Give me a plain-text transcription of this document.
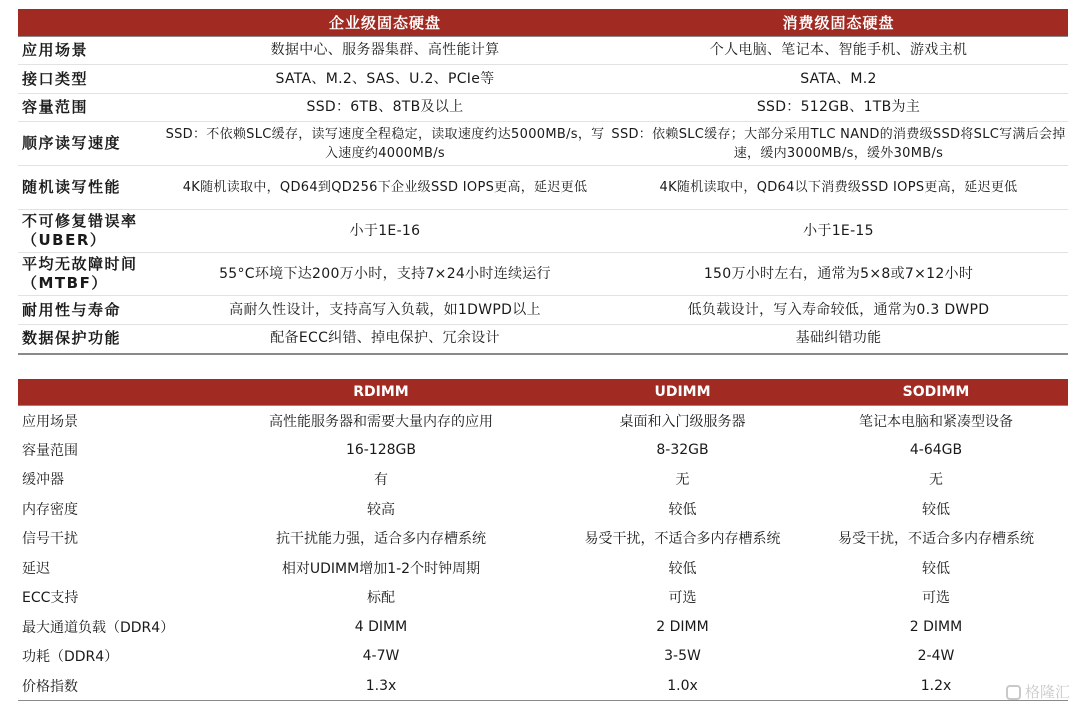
	企业级固态硬盘	消费级固态硬盘
应用场景	数据中心、服务器集群、高性能计算	个人电脑、笔记本、智能手机、游戏主机
接口类型	SATA、M.2、SAS、U.2、PCIe等	SATA、M.2
容量范围	SSD：6TB、8TB及以上	SSD：512GB、1TB为主
顺序读写速度	SSD：不依赖SLC缓存，读写速度全程稳定，读取速度约达5000MB/s，写入速度约4000MB/s	SSD：依赖SLC缓存；大部分采用TLC NAND的消费级SSD将SLC写满后会掉速，缓内3000MB/s，缓外30MB/s
随机读写性能	4K随机读取中，QD64到QD256下企业级SSD IOPS更高，延迟更低	4K随机读取中，QD64以下消费级SSD IOPS更高，延迟更低
不可修复错误率（UBER）	小于1E-16	小于1E-15
平均无故障时间（MTBF）	55°C环境下达200万小时，支持7×24小时连续运行	150万小时左右，通常为5×8或7×12小时
耐用性与寿命	高耐久性设计，支持高写入负载，如1DWPD以上	低负载设计，写入寿命较低，通常为0.3 DWPD
数据保护功能	配备ECC纠错、掉电保护、冗余设计	基础纠错功能
	RDIMM	UDIMM	SODIMM
应用场景	高性能服务器和需要大量内存的应用	桌面和入门级服务器	笔记本电脑和紧凑型设备
容量范围	16-128GB	8-32GB	4-64GB
缓冲器	有	无	无
内存密度	较高	较低	较低
信号干扰	抗干扰能力强，适合多内存槽系统	易受干扰，不适合多内存槽系统	易受干扰，不适合多内存槽系统
延迟	相对UDIMM增加1-2个时钟周期	较低	较低
ECC支持	标配	可选	可选
最大通道负载（DDR4）	4 DIMM	2 DIMM	2 DIMM
功耗（DDR4）	4-7W	3-5W	2-4W
价格指数	1.3x	1.0x	1.2x	格隆汇
